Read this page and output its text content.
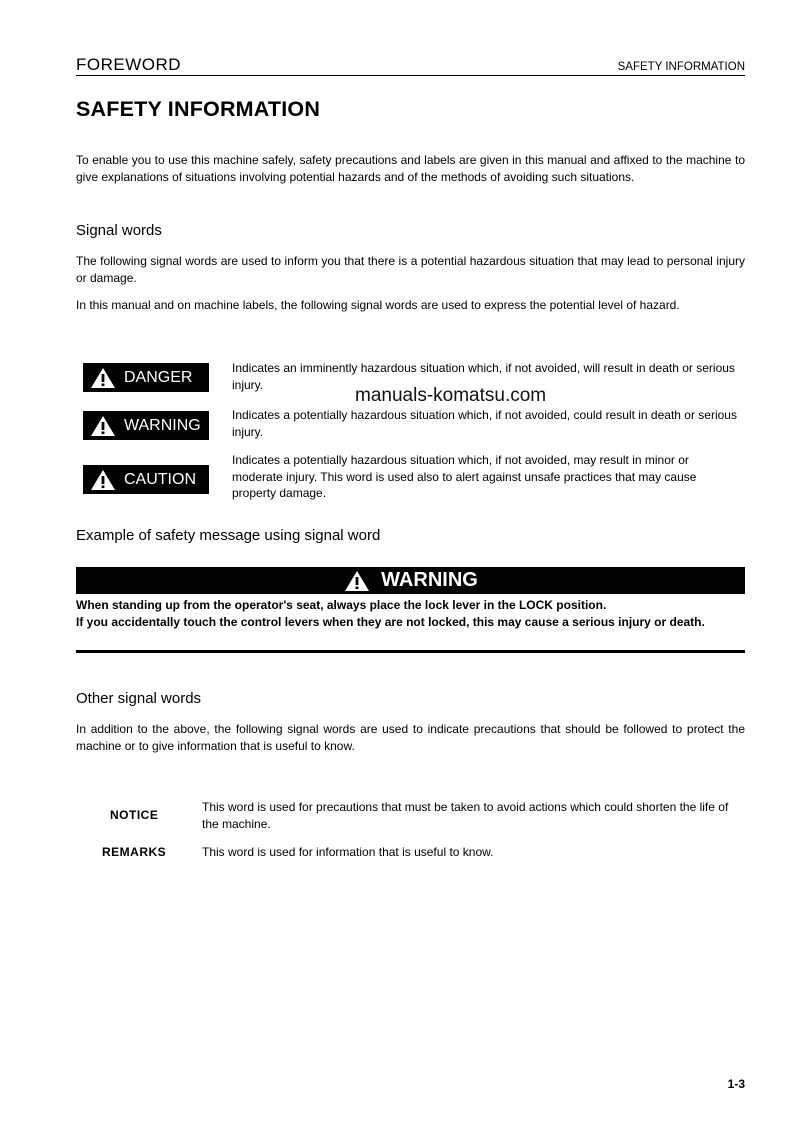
FOREWORD	SAFETY INFORMATION
SAFETY INFORMATION
To enable you to use this machine safely, safety precautions and labels are given in this manual and affixed to the machine to give explanations of situations involving potential hazards and of the methods of avoiding such situations.
Signal words
The following signal words are used to inform you that there is a potential hazardous situation that may lead to personal injury or damage.
In this manual and on machine labels, the following signal words are used to express the potential level of hazard.
DANGER
Indicates an imminently hazardous situation which, if not avoided, will result in death or serious injury.
WARNING
Indicates a potentially hazardous situation which, if not avoided, could result in death or serious injury.
CAUTION
Indicates a potentially hazardous situation which, if not avoided, may result in minor or moderate injury. This word is used also to alert against unsafe practices that may cause property damage.
manuals-komatsu.com
Example of safety message using signal word
WARNING
When standing up from the operator's seat, always place the lock lever in the LOCK position.
If you accidentally touch the control levers when they are not locked, this may cause a serious injury or death.
Other signal words
In addition to the above, the following signal words are used to indicate precautions that should be followed to protect the machine or to give information that is useful to know.
NOTICE
This word is used for precautions that must be taken to avoid actions which could shorten the life of the machine.
REMARKS	This word is used for information that is useful to know.
1-3
